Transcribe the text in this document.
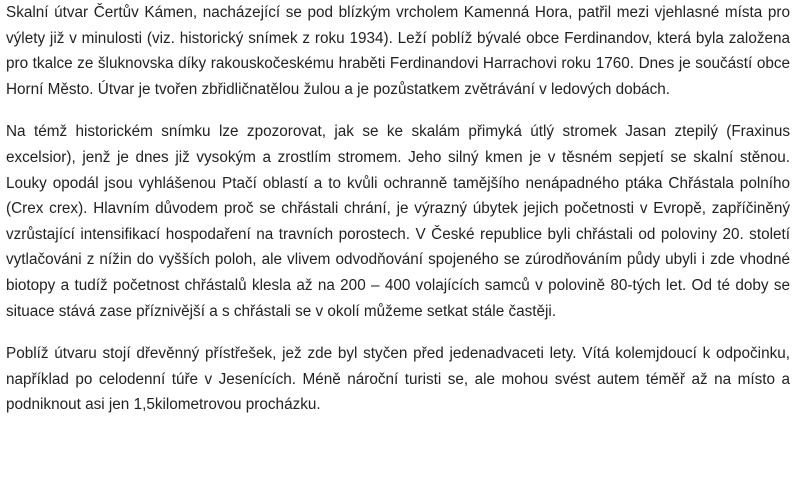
Skalní útvar Čertův Kámen, nacházející se pod blízkým vrcholem Kamenná Hora, patřil mezi vjehlasné místa pro výlety již v minulosti (viz. historický snímek z roku 1934). Leží poblíž bývalé obce Ferdinandov, která byla založena pro tkalce ze šluknovska díky rakouskočeskému hraběti Ferdinandovi Harrachovi roku 1760. Dnes je součástí obce Horní Město. Útvar je tvořen zbřidličnatělou žulou a je pozůstatkem zvětrávání v ledových dobách.

Na témž historickém snímku lze zpozorovat, jak se ke skalám přimyká útlý stromek Jasan ztepilý (Fraxinus excelsior), jenž je dnes již vysokým a zrostlím stromem. Jeho silný kmen je v těsném sepjetí se skalní stěnou. Louky opodál jsou vyhlášenou Ptačí oblastí a to kvůli ochranně tamějšího nenápadného ptáka Chřástala polního (Crex crex). Hlavním důvodem proč se chřástali chrání, je výrazný úbytek jejich početnosti v Evropě, zapříčiněný vzrůstající intensifikací hospodaření na travních porostech. V České republice byli chřástali od poloviny 20. století vytlačováni z nížin do vyšších poloh, ale vlivem odvodňování spojeného se zúrodňováním půdy ubyli i zde vhodné biotopy a tudíž početnost chřástalů klesla až na 200 – 400 volajících samců v polovině 80-tých let. Od té doby se situace stává zase příznivější a s chřástali se v okolí můžeme setkat stále častěji.

Poblíž útvaru stojí dřevěnný přístřešek, jež zde byl styčen před jedenadvaceti lety. Vítá kolemjdoucí k odpočinku, například po celodenní túře v Jesenících. Méně nároční turisti se, ale mohou svést autem téměř až na místo a podniknout asi jen 1,5kilometrovou procházku.
